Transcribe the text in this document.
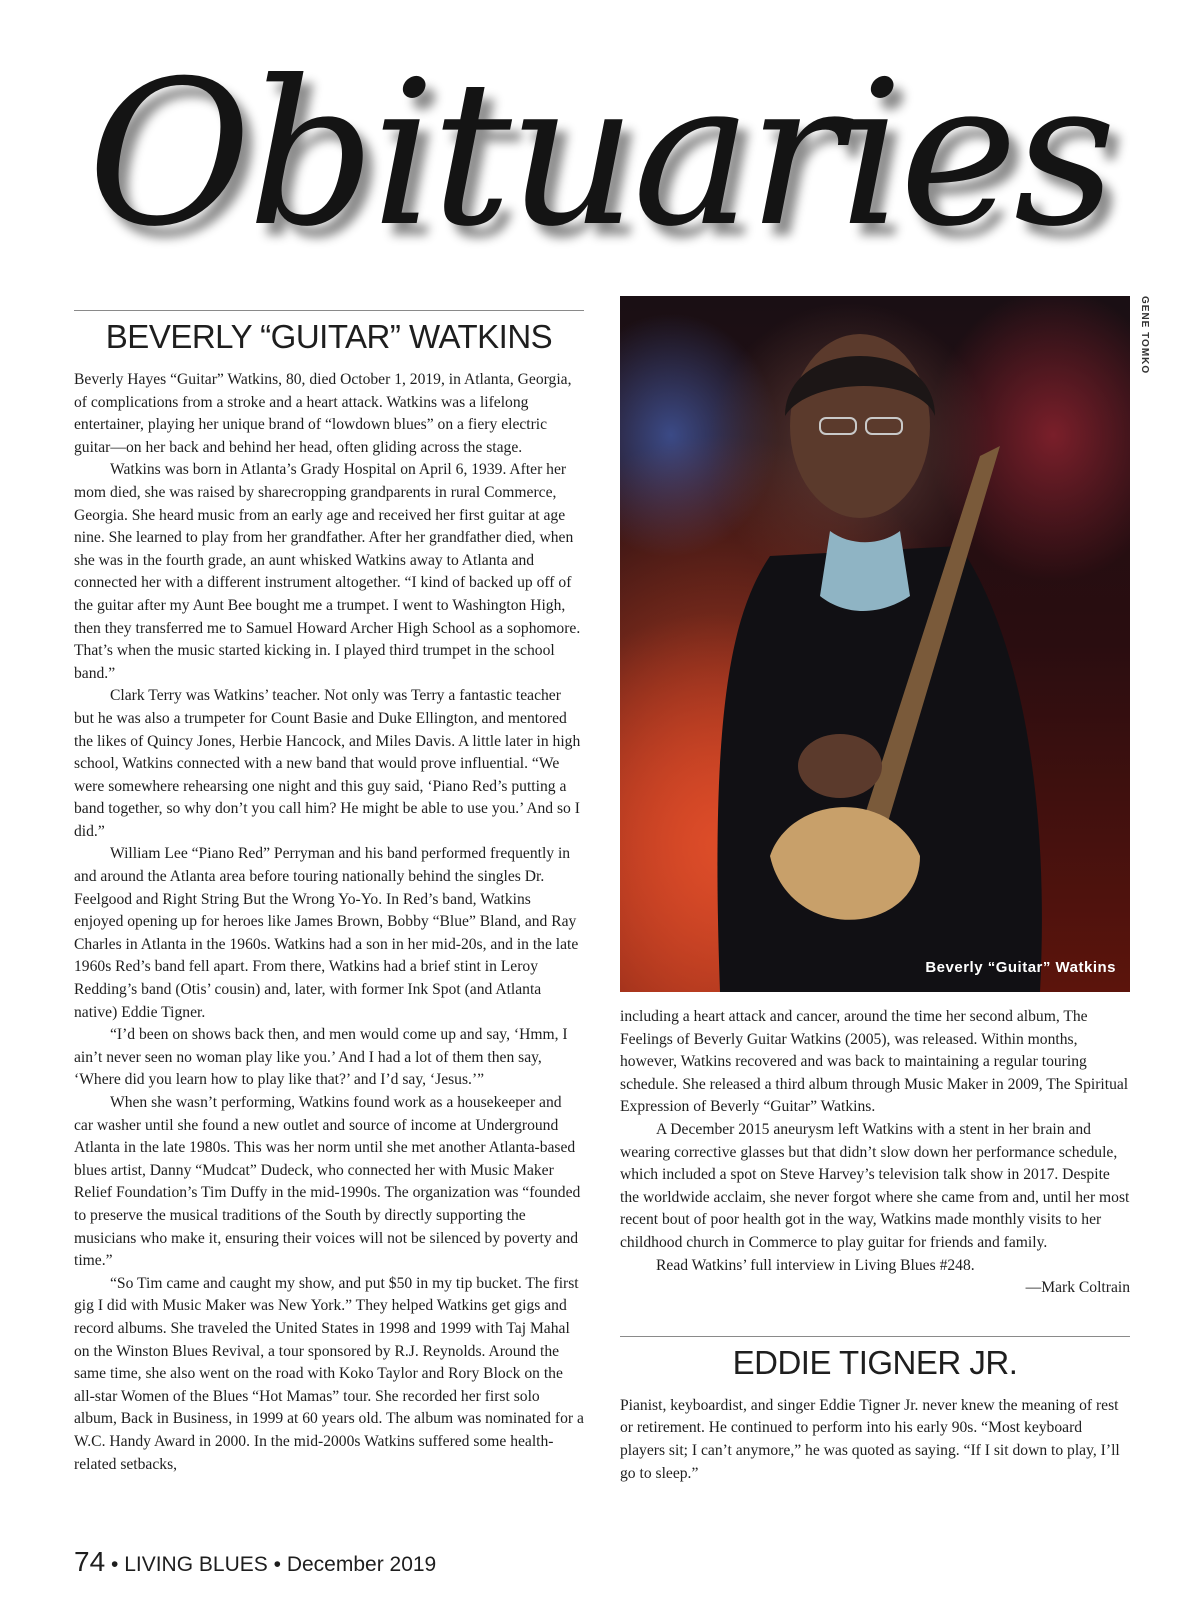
Obituaries
BEVERLY “GUITAR” WATKINS

Beverly Hayes “Guitar” Watkins, 80, died October 1, 2019, in Atlanta, Georgia, of complications from a stroke and a heart attack. Watkins was a lifelong entertainer, playing her unique brand of “lowdown blues” on a fiery electric guitar—on her back and behind her head, often gliding across the stage.

Watkins was born in Atlanta’s Grady Hospital on April 6, 1939. After her mom died, she was raised by sharecropping grandparents in rural Commerce, Georgia. She heard music from an early age and received her first guitar at age nine. She learned to play from her grandfather. After her grandfather died, when she was in the fourth grade, an aunt whisked Watkins away to Atlanta and connected her with a different instrument altogether. “I kind of backed up off of the guitar after my Aunt Bee bought me a trumpet. I went to Washington High, then they transferred me to Samuel Howard Archer High School as a sophomore. That’s when the music started kicking in. I played third trumpet in the school band.”

Clark Terry was Watkins’ teacher. Not only was Terry a fantastic teacher but he was also a trumpeter for Count Basie and Duke Ellington, and mentored the likes of Quincy Jones, Herbie Hancock, and Miles Davis. A little later in high school, Watkins connected with a new band that would prove influential. “We were somewhere rehearsing one night and this guy said, ‘Piano Red’s putting a band together, so why don’t you call him? He might be able to use you.’ And so I did.”

William Lee “Piano Red” Perryman and his band performed frequently in and around the Atlanta area before touring nationally behind the singles Dr. Feelgood and Right String But the Wrong Yo-Yo. In Red’s band, Watkins enjoyed opening up for heroes like James Brown, Bobby “Blue” Bland, and Ray Charles in Atlanta in the 1960s. Watkins had a son in her mid-20s, and in the late 1960s Red’s band fell apart. From there, Watkins had a brief stint in Leroy Redding’s band (Otis’ cousin) and, later, with former Ink Spot (and Atlanta native) Eddie Tigner.

“I’d been on shows back then, and men would come up and say, ‘Hmm, I ain’t never seen no woman play like you.’ And I had a lot of them then say, ‘Where did you learn how to play like that?’ and I’d say, ‘Jesus.’”

When she wasn’t performing, Watkins found work as a housekeeper and car washer until she found a new outlet and source of income at Underground Atlanta in the late 1980s. This was her norm until she met another Atlanta-based blues artist, Danny “Mudcat” Dudeck, who connected her with Music Maker Relief Foundation’s Tim Duffy in the mid-1990s. The organization was “founded to preserve the musical traditions of the South by directly supporting the musicians who make it, ensuring their voices will not be silenced by poverty and time.”

“So Tim came and caught my show, and put $50 in my tip bucket. The first gig I did with Music Maker was New York.” They helped Watkins get gigs and record albums. She traveled the United States in 1998 and 1999 with Taj Mahal on the Winston Blues Revival, a tour sponsored by R.J. Reynolds. Around the same time, she also went on the road with Koko Taylor and Rory Block on the all-star Women of the Blues “Hot Mamas” tour. She recorded her first solo album, Back in Business, in 1999 at 60 years old. The album was nominated for a W.C. Handy Award in 2000. In the mid-2000s Watkins suffered some health-related setbacks,

Beverly “Guitar” Watkins
GENE TOMKO

including a heart attack and cancer, around the time her second album, The Feelings of Beverly Guitar Watkins (2005), was released. Within months, however, Watkins recovered and was back to maintaining a regular touring schedule. She released a third album through Music Maker in 2009, The Spiritual Expression of Beverly “Guitar” Watkins.

A December 2015 aneurysm left Watkins with a stent in her brain and wearing corrective glasses but that didn’t slow down her performance schedule, which included a spot on Steve Harvey’s television talk show in 2017. Despite the worldwide acclaim, she never forgot where she came from and, until her most recent bout of poor health got in the way, Watkins made monthly visits to her childhood church in Commerce to play guitar for friends and family.

Read Watkins’ full interview in Living Blues #248.

—Mark Coltrain

EDDIE TIGNER JR.

Pianist, keyboardist, and singer Eddie Tigner Jr. never knew the meaning of rest or retirement. He continued to perform into his early 90s. “Most keyboard players sit; I can’t anymore,” he was quoted as saying. “If I sit down to play, I’ll go to sleep.”

74 • LIVING BLUES • December 2019
